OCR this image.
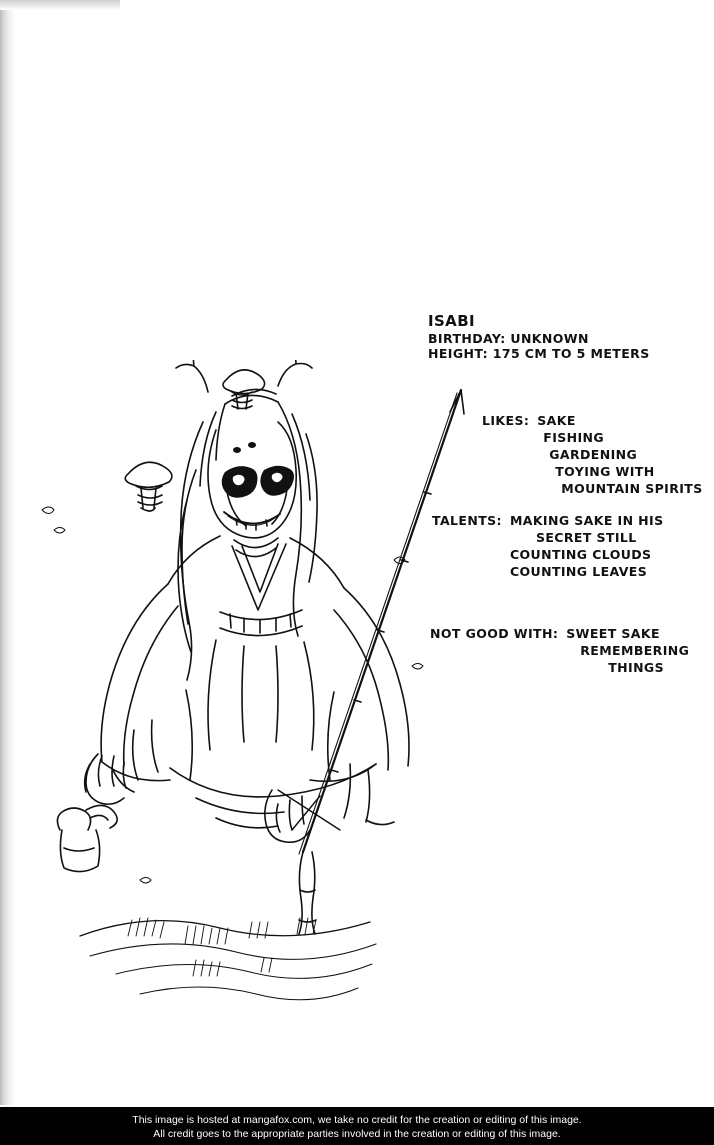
ISABI
BIRTHDAY: UNKNOWN
HEIGHT: 175 CM TO 5 METERS
LIKES: SAKE
FISHING
GARDENING
TOYING WITH
MOUNTAIN SPIRITS
TALENTS: MAKING SAKE IN HIS
SECRET STILL
COUNTING CLOUDS
COUNTING LEAVES
NOT GOOD WITH: SWEET SAKE
REMEMBERING
THINGS
This image is hosted at mangafox.com, we take no credit for the creation or editing of this image.
All credit goes to the appropriate parties involved in the creation or editing of this image.
